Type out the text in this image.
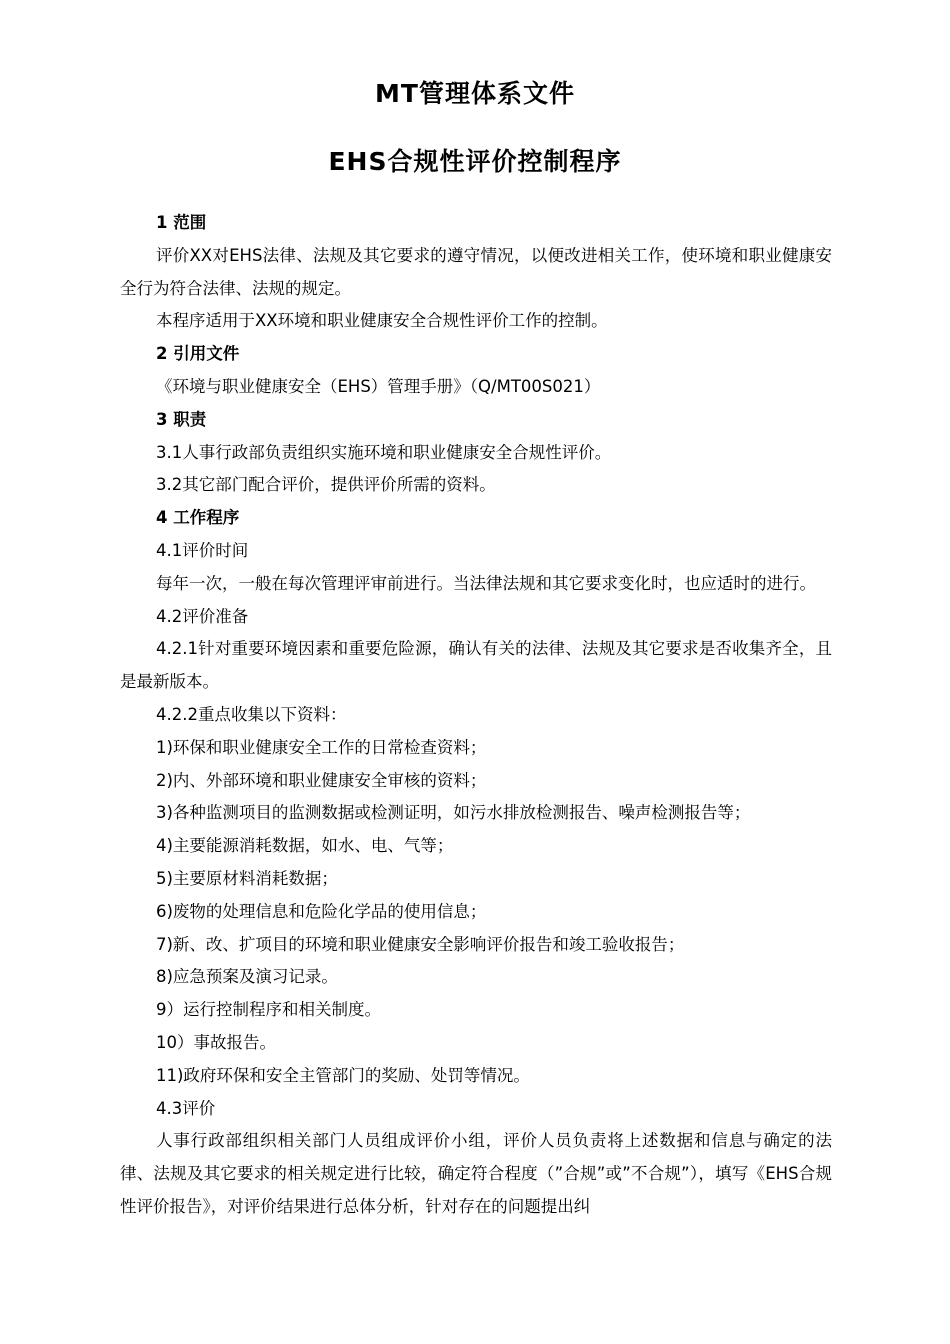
MT管理体系文件
EHS合规性评价控制程序

1 范围

评价XX对EHS法律、法规及其它要求的遵守情况，以便改进相关工作，使环境和职业健康安全行为符合法律、法规的规定。

本程序适用于XX环境和职业健康安全合规性评价工作的控制。

2 引用文件

《环境与职业健康安全（EHS）管理手册》（Q/MT00S021）

3 职责

3.1人事行政部负责组织实施环境和职业健康安全合规性评价。

3.2其它部门配合评价，提供评价所需的资料。

4 工作程序

4.1评价时间

每年一次，一般在每次管理评审前进行。当法律法规和其它要求变化时，也应适时的进行。

4.2评价准备

4.2.1针对重要环境因素和重要危险源，确认有关的法律、法规及其它要求是否收集齐全，且是最新版本。

4.2.2重点收集以下资料：

1)环保和职业健康安全工作的日常检查资料；

2)内、外部环境和职业健康安全审核的资料；

3)各种监测项目的监测数据或检测证明，如污水排放检测报告、噪声检测报告等；

4)主要能源消耗数据，如水、电、气等；

5)主要原材料消耗数据；

6)废物的处理信息和危险化学品的使用信息；

7)新、改、扩项目的环境和职业健康安全影响评价报告和竣工验收报告；

8)应急预案及演习记录。

9）运行控制程序和相关制度。

10）事故报告。

11)政府环保和安全主管部门的奖励、处罚等情况。

4.3评价

人事行政部组织相关部门人员组成评价小组，评价人员负责将上述数据和信息与确定的法律、法规及其它要求的相关规定进行比较，确定符合程度（”合规”或”不合规”），填写《EHS合规性评价报告》，对评价结果进行总体分析，针对存在的问题提出纠
